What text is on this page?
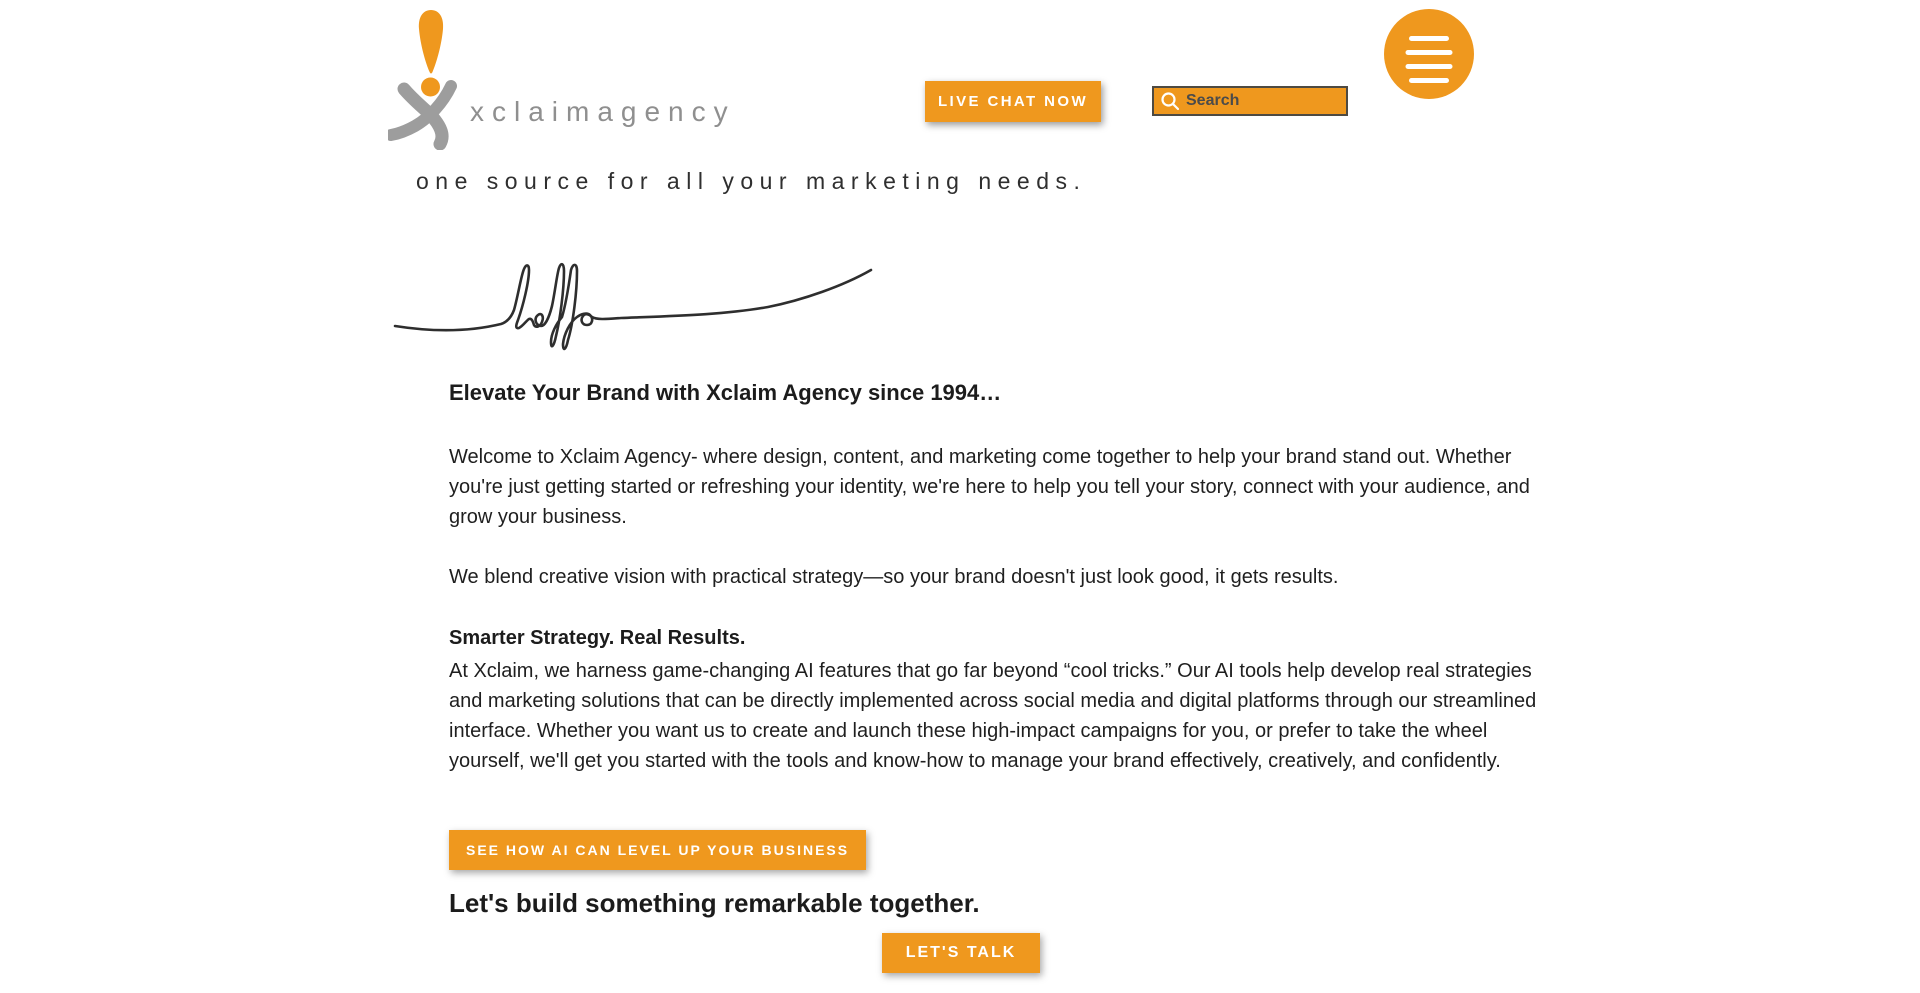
xclaimagency	LIVE CHAT NOW
Search
one source for all your marketing needs.
Elevate Your Brand with Xclaim Agency since 1994…

Welcome to Xclaim Agency- where design, content, and marketing come together to help your brand stand out. Whether you're just getting started or refreshing your identity, we're here to help you tell your story, connect with your audience, and grow your business.

We blend creative vision with practical strategy—so your brand doesn't just look good, it gets results.

Smarter Strategy. Real Results.

At Xclaim, we harness game-changing AI features that go far beyond “cool tricks.” Our AI tools help develop real strategies and marketing solutions that can be directly implemented across social media and digital platforms through our streamlined interface. Whether you want us to create and launch these high-impact campaigns for you, or prefer to take the wheel yourself, we'll get you started with the tools and know-how to manage your brand effectively, creatively, and confidently.

SEE HOW AI CAN LEVEL UP YOUR BUSINESS
Let's build something remarkable together.
LET'S TALK
